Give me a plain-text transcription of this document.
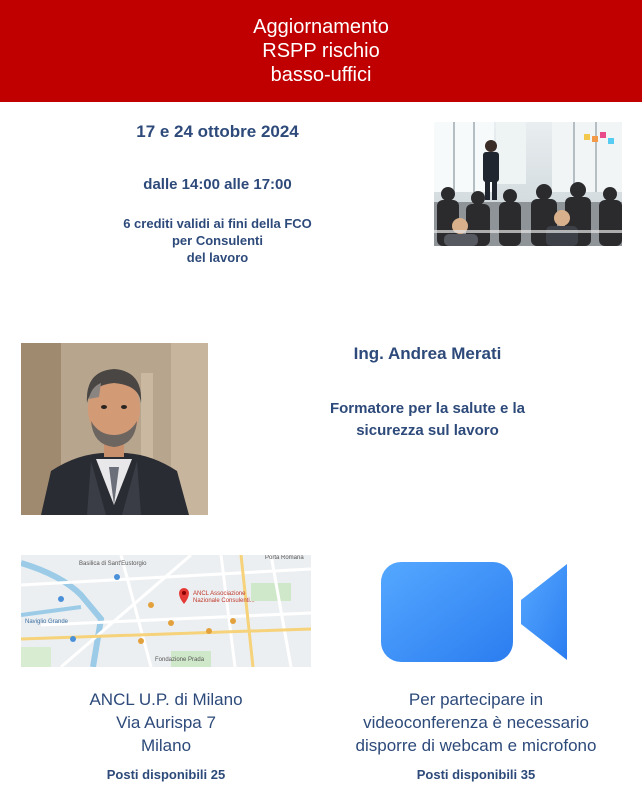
Aggiornamento
RSPP rischio
basso-uffici
17 e 24 ottobre 2024
dalle 14:00 alle 17:00
6 crediti validi ai fini della FCO
per Consulenti
del lavoro
Ing. Andrea Merati
Formatore per la salute e la
sicurezza sul lavoro
Basilica di Sant'Eustorgio
ANCL Associazione Nazionale Consulenti...
Porta Romana
Naviglio Grande
Fondazione Prada
ANCL U.P. di Milano
Via Aurispa 7
Milano
Per partecipare in
videoconferenza è necessario
disporre di webcam e microfono
Posti disponibili 25	Posti disponibili 35
